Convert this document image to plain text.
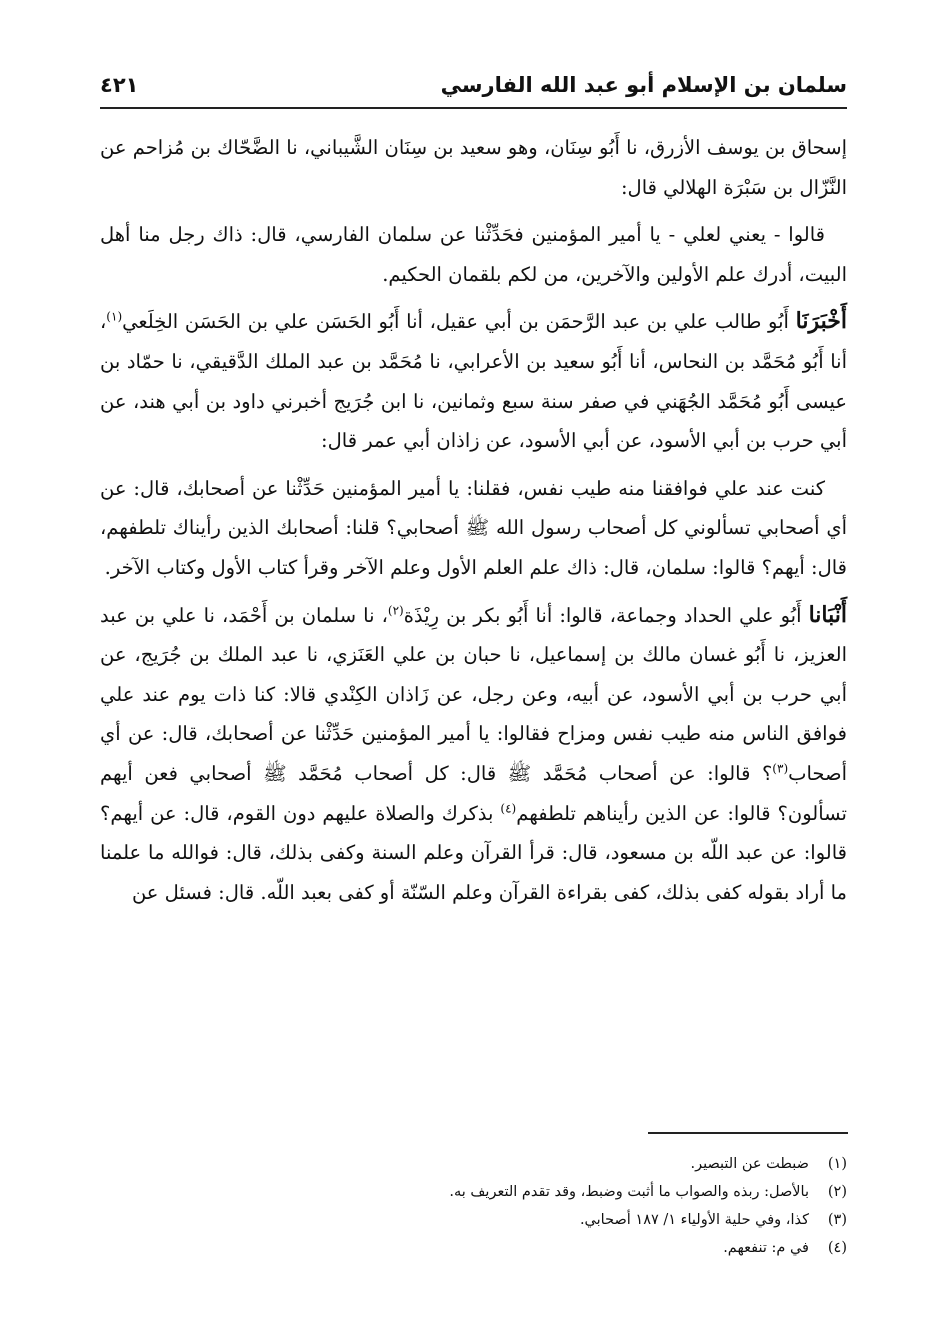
سلمان بن الإسلام أبو عبد الله الفارسي
٤٢١

إسحاق بن يوسف الأزرق، نا أَبُو سِنَان، وهو سعيد بن سِنَان الشَّيباني، نا الضَّحّاك بن مُزاحم عن النَّزّال بن سَبْرَة الهلالي قال:

قالوا - يعني لعلي - يا أمير المؤمنين فحَدِّثْنا عن سلمان الفارسي، قال: ذاك رجل منا أهل البيت، أدرك علم الأولين والآخرين، من لكم بلقمان الحكيم.

أَخْبَرَنَا أَبُو طالب علي بن عبد الرَّحمَن بن أبي عقيل، أنا أَبُو الحَسَن علي بن الحَسَن الخِلَعي$^{(١)}$، أنا أَبُو مُحَمَّد بن النحاس، أنا أَبُو سعيد بن الأعرابي، نا مُحَمَّد بن عبد الملك الدَّقيقي، نا حمّاد بن عيسى أَبُو مُحَمَّد الجُهَني في صفر سنة سبع وثمانين، نا ابن جُرَيج أخبرني داود بن أبي هند، عن أبي حرب بن أبي الأسود، عن أبي الأسود، عن زاذان أبي عمر قال:

كنت عند علي فوافقنا منه طيب نفس، فقلنا: يا أمير المؤمنين حَدِّثْنا عن أصحابك، قال: عن أي أصحابي تسألوني كل أصحاب رسول الله ﷺ أصحابي؟ قلنا: أصحابك الذين رأيناك تلطفهم، قال: أيهم؟ قالوا: سلمان، قال: ذاك علم العلم الأول وعلم الآخر وقرأ كتاب الأول وكتاب الآخر.

أَنْبَانا أَبُو علي الحداد وجماعة، قالوا: أنا أَبُو بكر بن رِيْذَة$^{(٢)}$، نا سلمان بن أَحْمَد، نا علي بن عبد العزيز، نا أَبُو غسان مالك بن إسماعيل، نا حبان بن علي العَنَزي، نا عبد الملك بن جُرَيج، عن أبي حرب بن أبي الأسود، عن أبيه، وعن رجل، عن زَاذان الكِنْدي قالا: كنا ذات يوم عند علي فوافق الناس منه طيب نفس ومزاح فقالوا: يا أمير المؤمنين حَدِّثْنا عن أصحابك، قال: عن أي أصحاب$^{(٣)}$؟ قالوا: عن أصحاب مُحَمَّد ﷺ قال: كل أصحاب مُحَمَّد ﷺ أصحابي فعن أيهم تسألون؟ قالوا: عن الذين رأيناهم تلطفهم$^{(٤)}$ بذكرك والصلاة عليهم دون القوم، قال: عن أيهم؟ قالوا: عن عبد اللّه بن مسعود، قال: قرأ القرآن وعلم السنة وكفى بذلك، قال: فوالله ما علمنا ما أراد بقوله كفى بذلك، كفى بقراءة القرآن وعلم السّنّة أو كفى بعبد اللّه. قال: فسئل عن

(١)
ضبطت عن التبصير.
(٢)
بالأصل: ربذه والصواب ما أثبت وضبط، وقد تقدم التعريف به.
(٣)
كذا، وفي حلية الأولياء ١/ ١٨٧ أصحابي.
(٤)
في م: تنفعهم.
